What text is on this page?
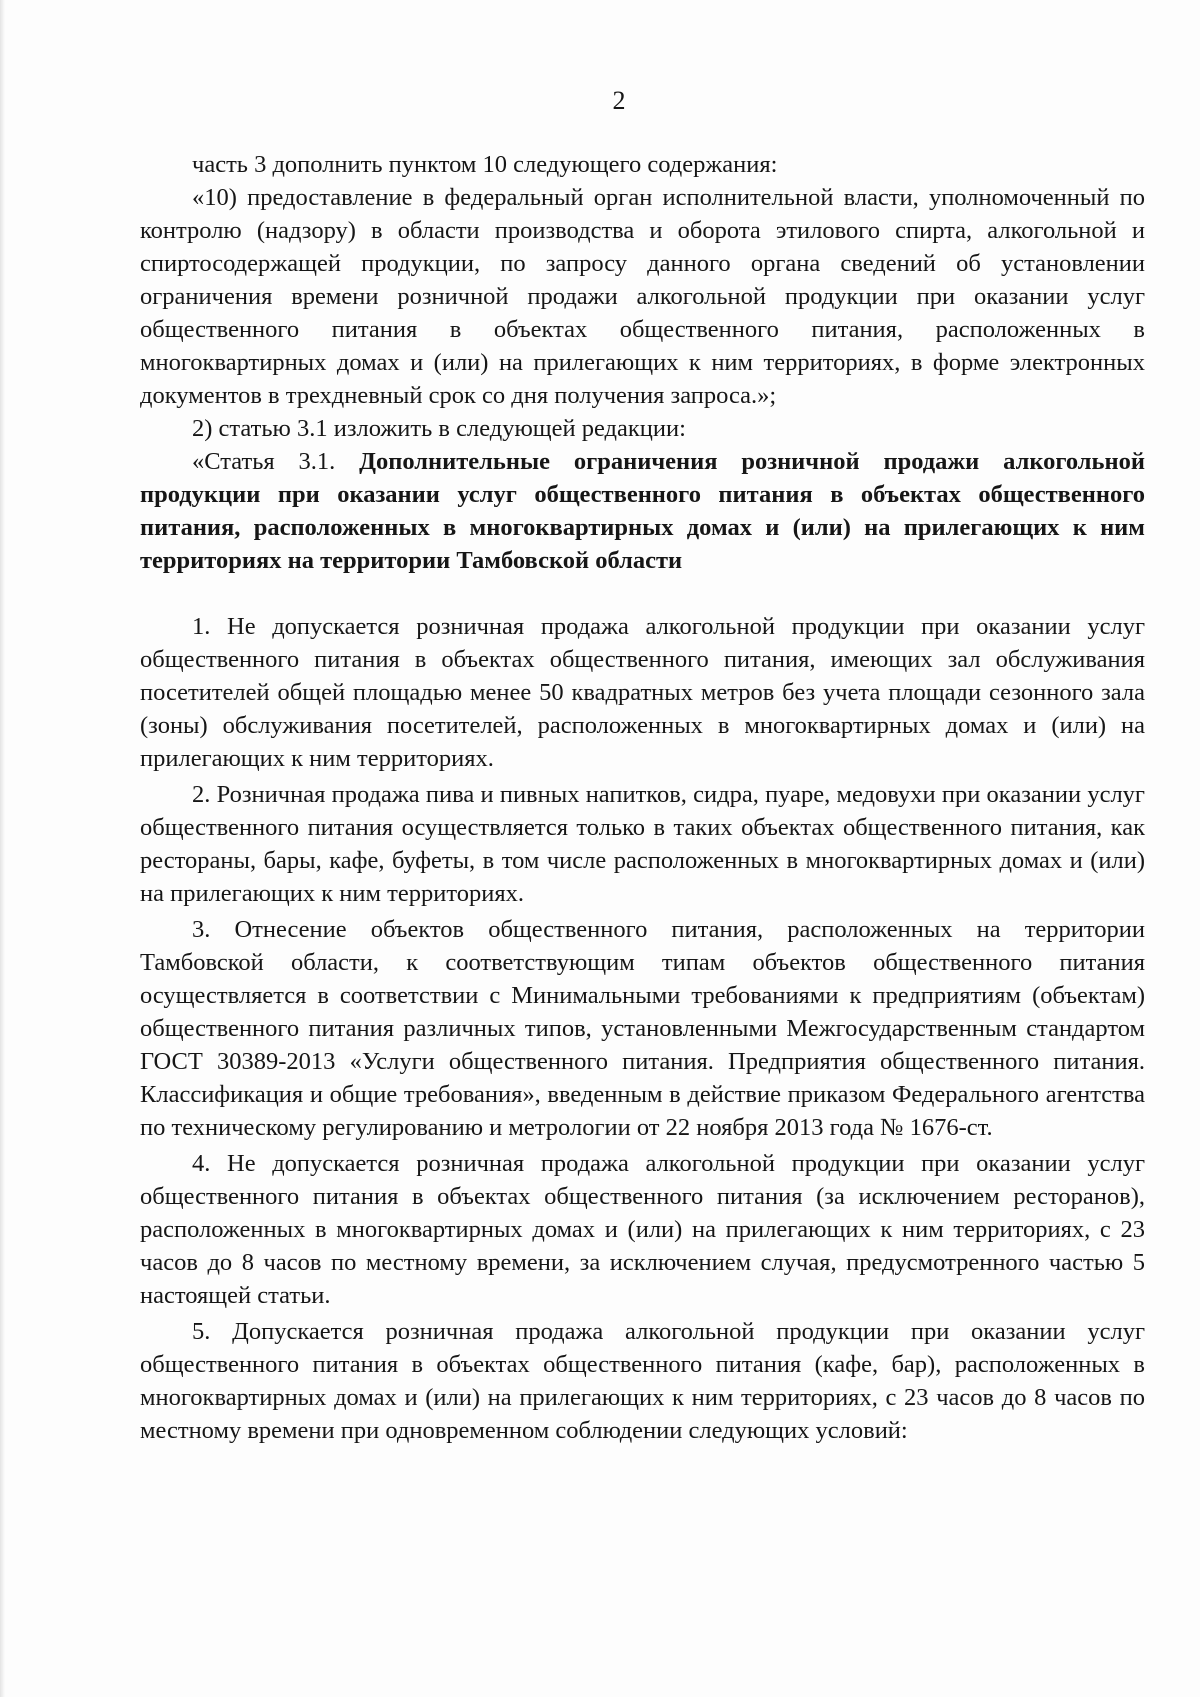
2

часть 3 дополнить пунктом 10 следующего содержания:

«10) предоставление в федеральный орган исполнительной власти, уполномоченный по контролю (надзору) в области производства и оборота этилового спирта, алкогольной и спиртосодержащей продукции, по запросу данного органа сведений об установлении ограничения времени розничной продажи алкогольной продукции при оказании услуг общественного питания в объектах общественного питания, расположенных в многоквартирных домах и (или) на прилегающих к ним территориях, в форме электронных документов в трехдневный срок со дня получения запроса.»;

2) статью 3.1 изложить в следующей редакции:

«Статья 3.1. Дополнительные ограничения розничной продажи алкогольной продукции при оказании услуг общественного питания в объектах общественного питания, расположенных в многоквартирных домах и (или) на прилегающих к ним территориях на территории Тамбовской области

1. Не допускается розничная продажа алкогольной продукции при оказании услуг общественного питания в объектах общественного питания, имеющих зал обслуживания посетителей общей площадью менее 50 квадратных метров без учета площади сезонного зала (зоны) обслуживания посетителей, расположенных в многоквартирных домах и (или) на прилегающих к ним территориях.

2. Розничная продажа пива и пивных напитков, сидра, пуаре, медовухи при оказании услуг общественного питания осуществляется только в таких объектах общественного питания, как рестораны, бары, кафе, буфеты, в том числе расположенных в многоквартирных домах и (или) на прилегающих к ним территориях.

3. Отнесение объектов общественного питания, расположенных на территории Тамбовской области, к соответствующим типам объектов общественного питания осуществляется в соответствии с Минимальными требованиями к предприятиям (объектам) общественного питания различных типов, установленными Межгосударственным стандартом ГОСТ 30389-2013 «Услуги общественного питания. Предприятия общественного питания. Классификация и общие требования», введенным в действие приказом Федерального агентства по техническому регулированию и метрологии от 22 ноября 2013 года № 1676-ст.

4. Не допускается розничная продажа алкогольной продукции при оказании услуг общественного питания в объектах общественного питания (за исключением ресторанов), расположенных в многоквартирных домах и (или) на прилегающих к ним территориях, с 23 часов до 8 часов по местному времени, за исключением случая, предусмотренного частью 5 настоящей статьи.

5. Допускается розничная продажа алкогольной продукции при оказании услуг общественного питания в объектах общественного питания (кафе, бар), расположенных в многоквартирных домах и (или) на прилегающих к ним территориях, с 23 часов до 8 часов по местному времени при одновременном соблюдении следующих условий:
